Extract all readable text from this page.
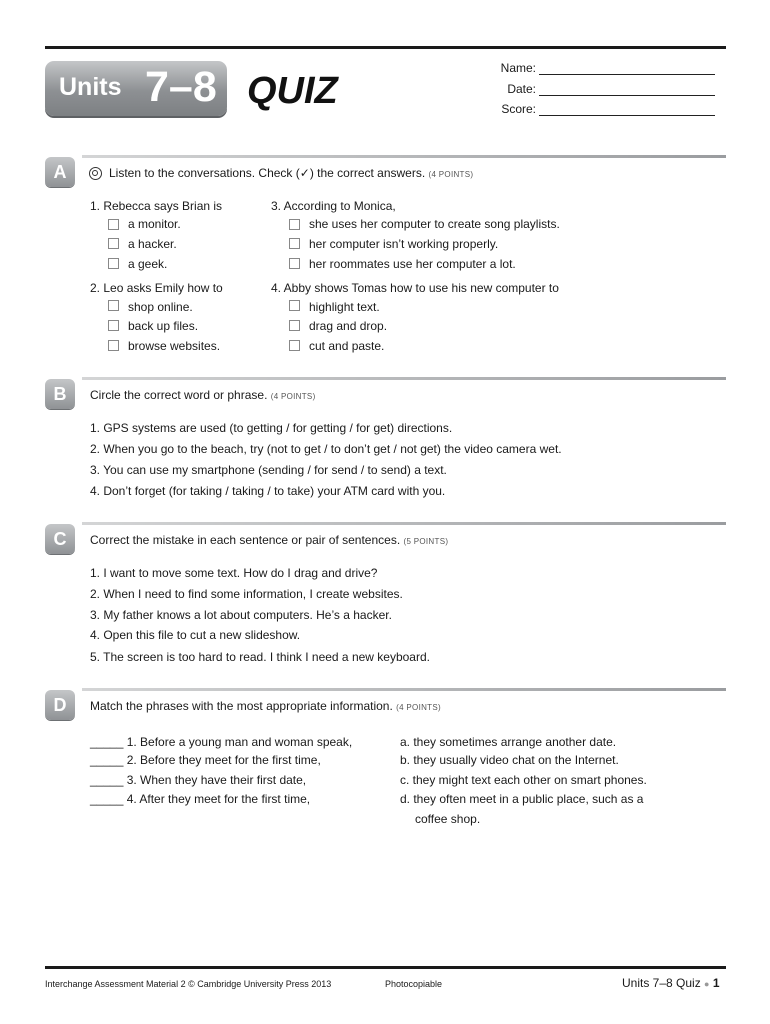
Units 7–8 QUIZ
Name:
Date:
Score:
A	Listen to the conversations. Check (✓) the correct answers. (4 POINTS)
1. Rebecca says Brian is
a monitor.
a hacker.
a geek.
2. Leo asks Emily how to
shop online.
back up files.
browse websites.
3. According to Monica,
she uses her computer to create song playlists.
her computer isn’t working properly.
her roommates use her computer a lot.
4. Abby shows Tomas how to use his new computer to
highlight text.
drag and drop.
cut and paste.
B	Circle the correct word or phrase. (4 POINTS)
1. GPS systems are used (to getting / for getting / for get) directions.
2. When you go to the beach, try (not to get / to don’t get / not get) the video camera wet.
3. You can use my smartphone (sending / for send / to send) a text.
4. Don’t forget (for taking / taking / to take) your ATM card with you.
C	Correct the mistake in each sentence or pair of sentences. (5 POINTS)
1. I want to move some text. How do I drag and drive?
2. When I need to find some information, I create websites.
3. My father knows a lot about computers. He’s a hacker.
4. Open this file to cut a new slideshow.
5. The screen is too hard to read. I think I need a new keyboard.
D	Match the phrases with the most appropriate information. (4 POINTS)
_____ 1. Before a young man and woman speak,
_____ 2. Before they meet for the first time,
_____ 3. When they have their first date,
_____ 4. After they meet for the first time,
a. they sometimes arrange another date.
b. they usually video chat on the Internet.
c. they might text each other on smart phones.
d. they often meet in a public place, such as a
coffee shop.
Interchange Assessment Material 2 © Cambridge University Press 2013	Photocopiable	Units 7–8 Quiz ● 1
